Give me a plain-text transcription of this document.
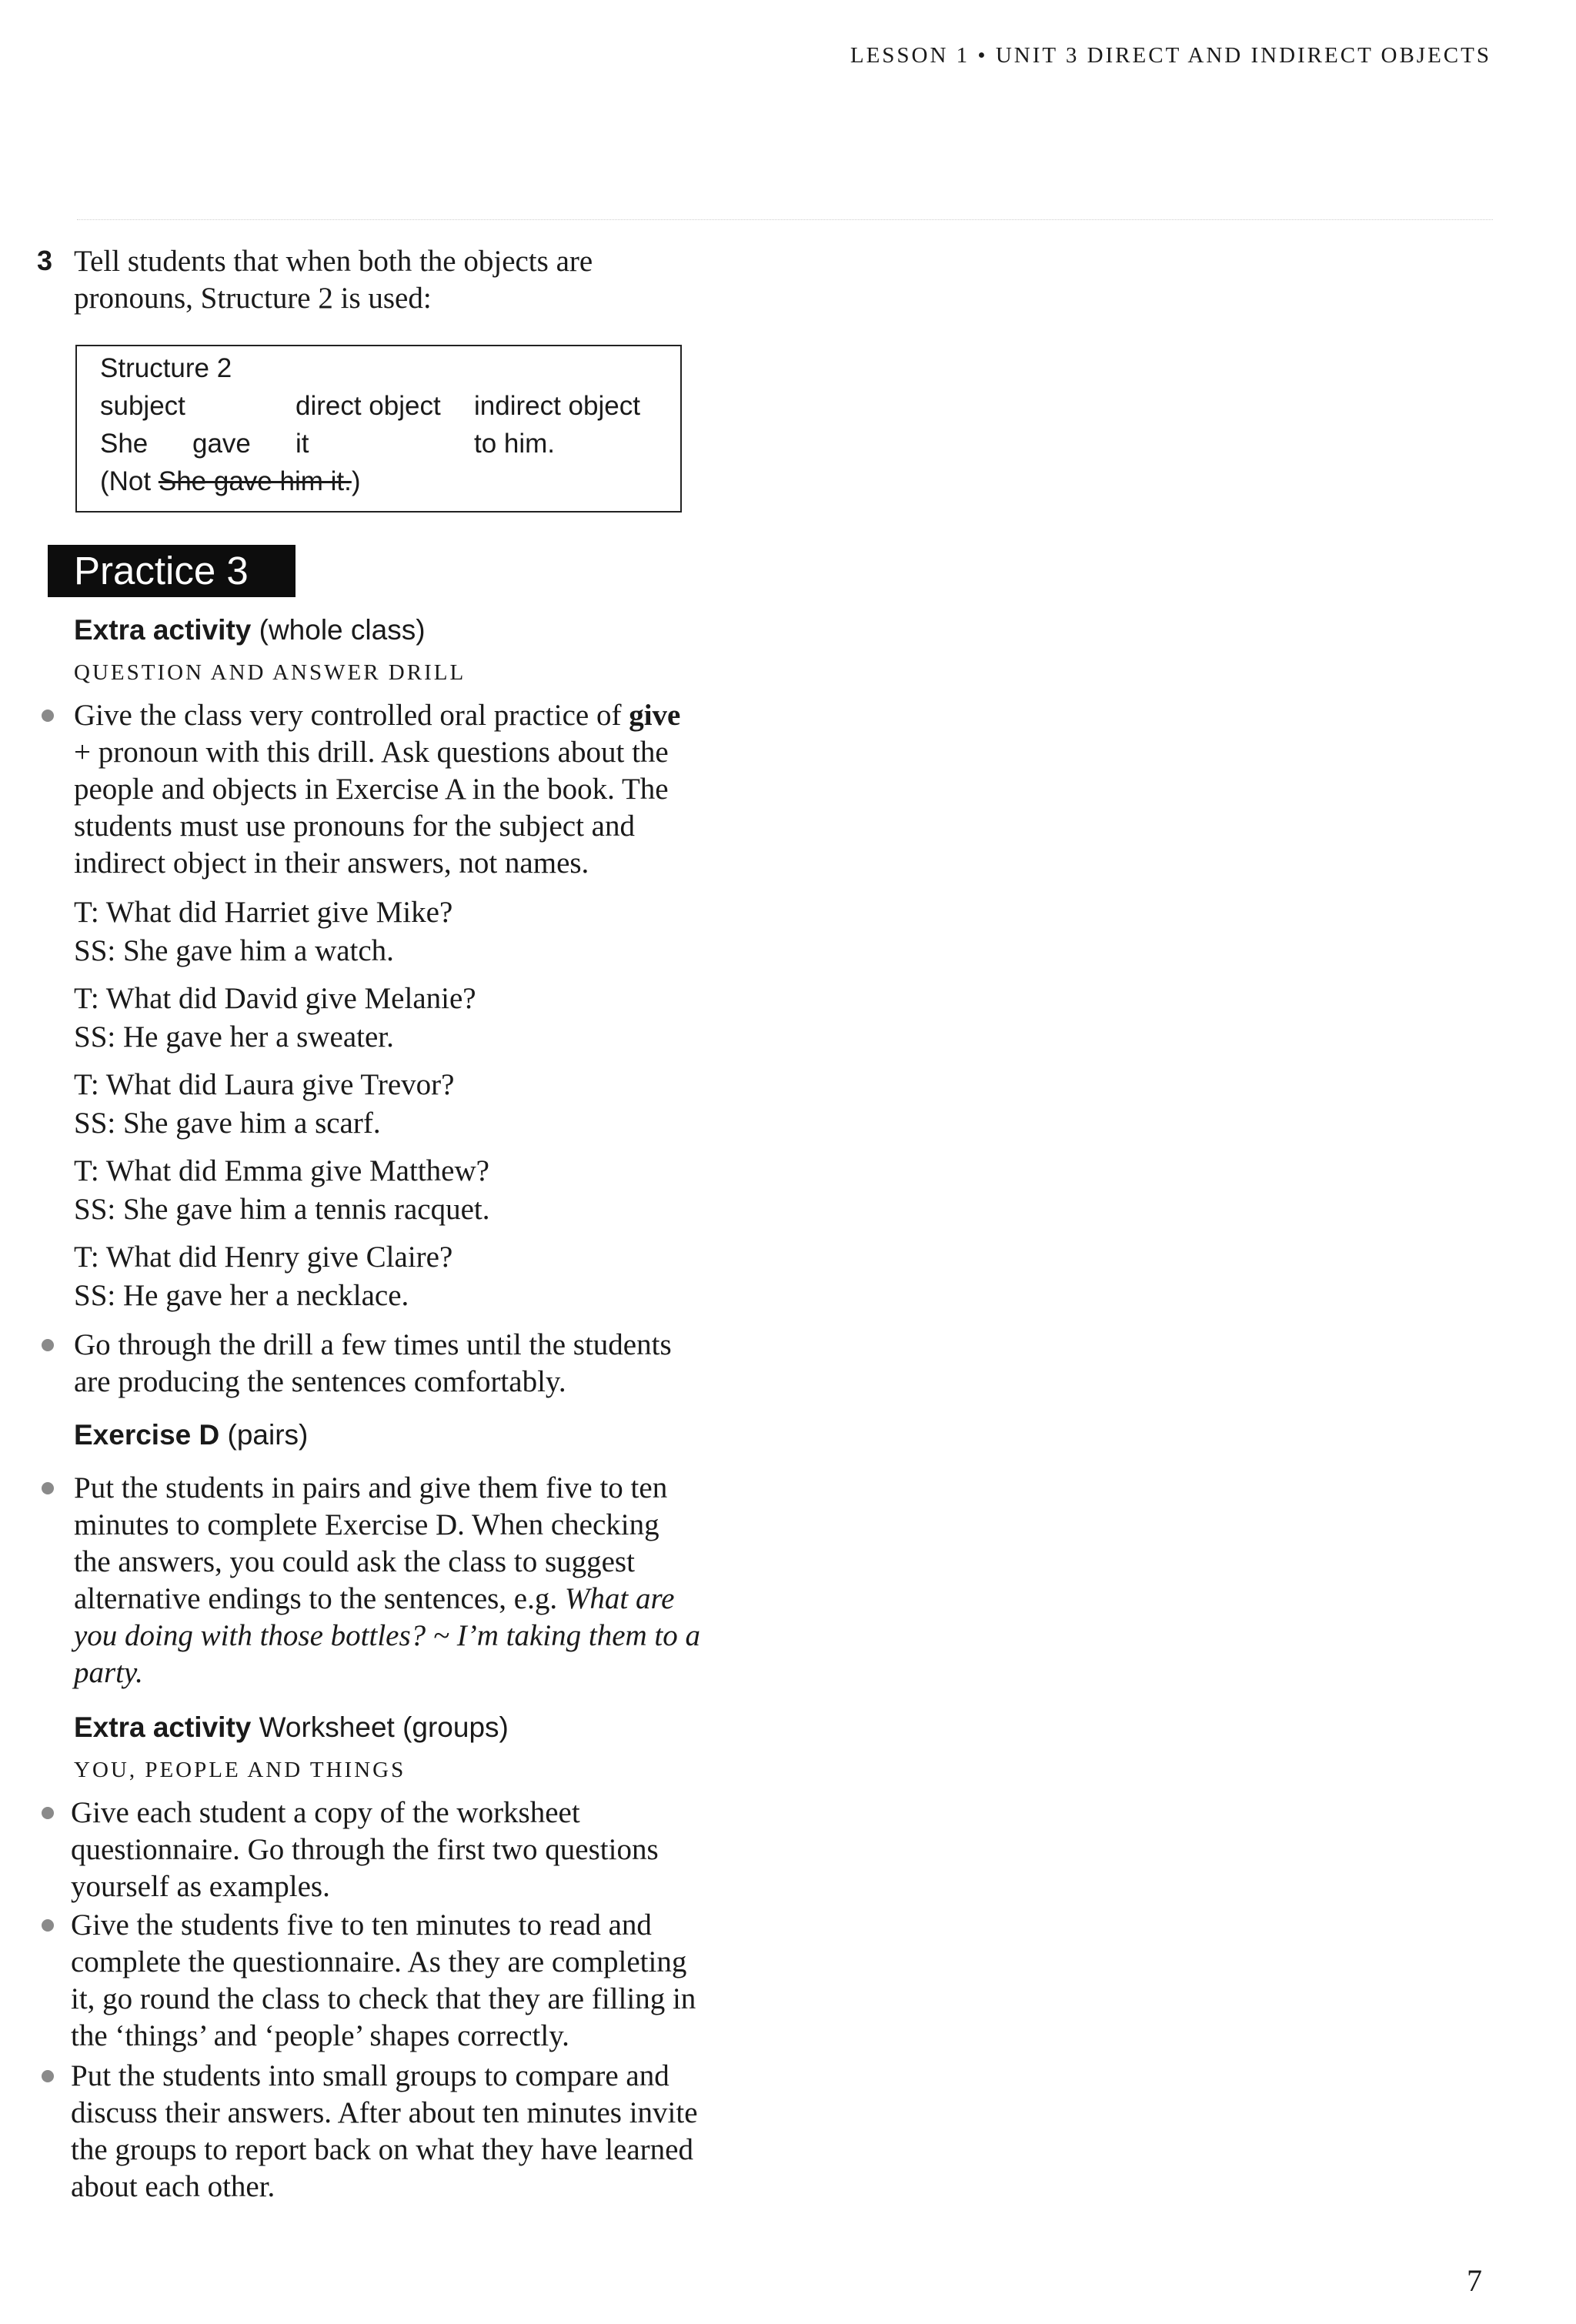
LESSON 1 • UNIT 3 DIRECT AND INDIRECT OBJECTS
3 Tell students that when both the objects are
pronouns, Structure 2 is used:
Structure 2
subject	direct object indirect object
She gave it	to him.
(Not She gave him it.)
Practice 3
Extra activity (whole class)
QUESTION AND ANSWER DRILL
Give the class very controlled oral practice of give
+ pronoun with this drill. Ask questions about the
people and objects in Exercise A in the book. The
students must use pronouns for the subject and
indirect object in their answers, not names.
T: What did Harriet give Mike?
SS: She gave him a watch.
T: What did David give Melanie?
SS: He gave her a sweater.
T: What did Laura give Trevor?
SS: She gave him a scarf.
T: What did Emma give Matthew?
SS: She gave him a tennis racquet.
T: What did Henry give Claire?
SS: He gave her a necklace.
Go through the drill a few times until the students
are producing the sentences comfortably.
Exercise D (pairs)
Put the students in pairs and give them five to ten
minutes to complete Exercise D. When checking
the answers, you could ask the class to suggest
alternative endings to the sentences, e.g. What are
you doing with those bottles? ~ I’m taking them to a
party.
Extra activity Worksheet (groups)
YOU, PEOPLE AND THINGS
Give each student a copy of the worksheet
questionnaire. Go through the first two questions
yourself as examples.
Give the students five to ten minutes to read and
complete the questionnaire. As they are completing
it, go round the class to check that they are filling in
the ‘things’ and ‘people’ shapes correctly.
Put the students into small groups to compare and
discuss their answers. After about ten minutes invite
the groups to report back on what they have learned
about each other.
7
